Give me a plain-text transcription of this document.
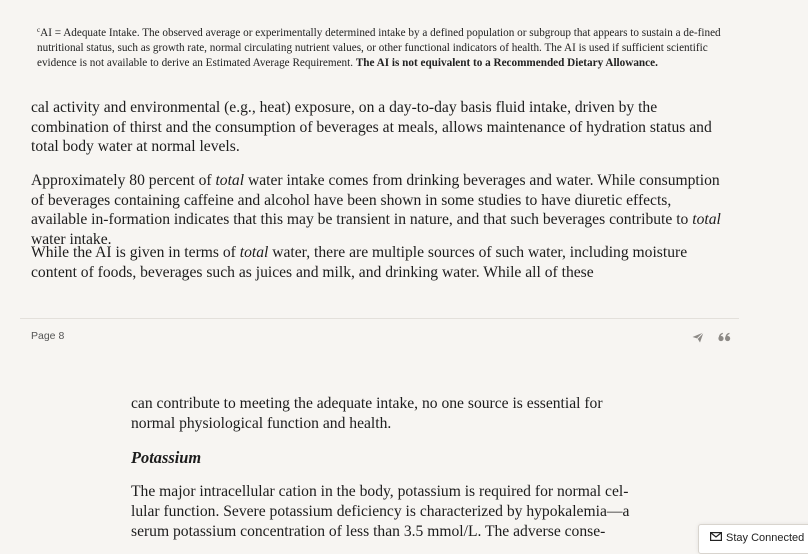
$^c$AI = Adequate Intake. The observed average or experimentally determined intake by a defined population or subgroup that appears to sustain a de-fined nutritional status, such as growth rate, normal circulating nutrient values, or other functional indicators of health. The AI is used if sufficient scientific evidence is not available to derive an Estimated Average Requirement. The AI is not equivalent to a Recommended Dietary Allowance.

cal activity and environmental (e.g., heat) exposure, on a day-to-day basis fluid intake, driven by the combination of thirst and the consumption of beverages at meals, allows maintenance of hydration status and total body water at normal levels.

Approximately 80 percent of total water intake comes from drinking beverages and water. While consumption of beverages containing caffeine and alcohol have been shown in some studies to have diuretic effects, available in-formation indicates that this may be transient in nature, and that such beverages contribute to total water intake.

While the AI is given in terms of total water, there are multiple sources of such water, including moisture content of foods, beverages such as juices and milk, and drinking water. While all of these

Page 8

can contribute to meeting the adequate intake, no one source is essential for normal physiological function and health.

Potassium

The major intracellular cation in the body, potassium is required for normal cel-lular function. Severe potassium deficiency is characterized by hypokalemia—a serum potassium concentration of less than 3.5 mmol/L. The adverse conse-	Stay Connected
